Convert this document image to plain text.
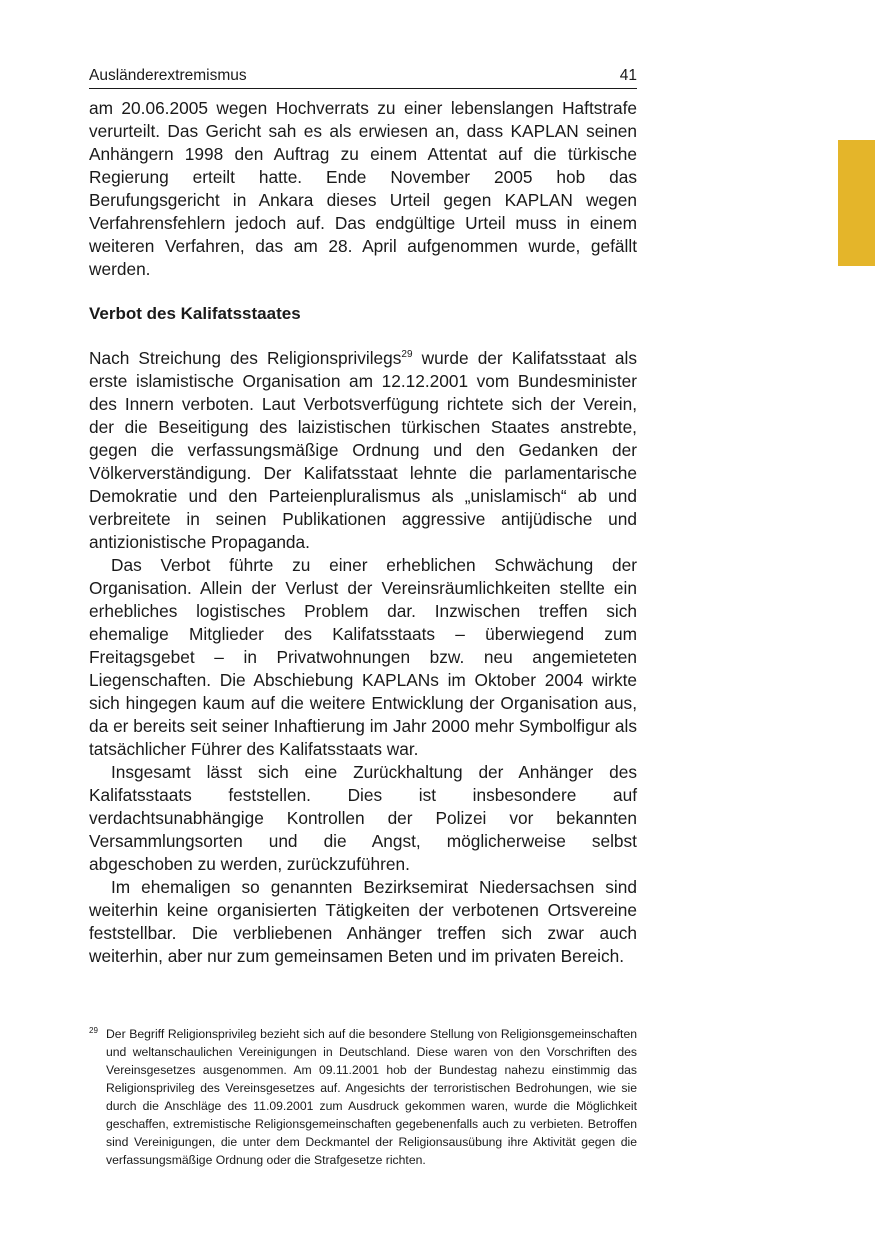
Ausländerextremismus	41

am 20.06.2005 wegen Hochverrats zu einer lebenslangen Haftstrafe verurteilt. Das Gericht sah es als erwiesen an, dass KAPLAN seinen Anhängern 1998 den Auftrag zu einem Attentat auf die türkische Regierung erteilt hatte. Ende November 2005 hob das Berufungsgericht in Ankara dieses Urteil gegen KAPLAN wegen Verfahrensfehlern jedoch auf. Das endgültige Urteil muss in einem weiteren Verfahren, das am 28. April aufgenommen wurde, gefällt werden.

Verbot des Kalifatsstaates

Nach Streichung des Religionsprivilegs$^{29}$ wurde der Kalifatsstaat als erste islamistische Organisation am 12.12.2001 vom Bundesminister des Innern verboten. Laut Verbotsverfügung richtete sich der Verein, der die Beseitigung des laizistischen türkischen Staates anstrebte, gegen die verfassungsmäßige Ordnung und den Gedanken der Völkerverständigung. Der Kalifatsstaat lehnte die parlamentarische Demokratie und den Parteienpluralismus als „unislamisch“ ab und verbreitete in seinen Publikationen aggressive antijüdische und antizionistische Propaganda.

Das Verbot führte zu einer erheblichen Schwächung der Organisation. Allein der Verlust der Vereinsräumlichkeiten stellte ein erhebliches logistisches Problem dar. Inzwischen treffen sich ehemalige Mitglieder des Kalifatsstaats – überwiegend zum Freitagsgebet – in Privatwohnungen bzw. neu angemieteten Liegenschaften. Die Abschiebung KAPLANs im Oktober 2004 wirkte sich hingegen kaum auf die weitere Entwicklung der Organisation aus, da er bereits seit seiner Inhaftierung im Jahr 2000 mehr Symbolfigur als tatsächlicher Führer des Kalifatsstaats war.

Insgesamt lässt sich eine Zurückhaltung der Anhänger des Kalifatsstaats feststellen. Dies ist insbesondere auf verdachtsunabhängige Kontrollen der Polizei vor bekannten Versammlungsorten und die Angst, möglicherweise selbst abgeschoben zu werden, zurückzuführen.

Im ehemaligen so genannten Bezirksemirat Niedersachsen sind weiterhin keine organisierten Tätigkeiten der verbotenen Ortsvereine feststellbar. Die verbliebenen Anhänger treffen sich zwar auch weiterhin, aber nur zum gemeinsamen Beten und im privaten Bereich.

29 Der Begriff Religionsprivileg bezieht sich auf die besondere Stellung von Religionsgemeinschaften und weltanschaulichen Vereinigungen in Deutschland. Diese waren von den Vorschriften des Vereinsgesetzes ausgenommen. Am 09.11.2001 hob der Bundestag nahezu einstimmig das Religionsprivileg des Vereinsgesetzes auf. Angesichts der terroristischen Bedrohungen, wie sie durch die Anschläge des 11.09.2001 zum Ausdruck gekommen waren, wurde die Möglichkeit geschaffen, extremistische Religionsgemeinschaften gegebenenfalls auch zu verbieten. Betroffen sind Vereinigungen, die unter dem Deckmantel der Religionsausübung ihre Aktivität gegen die verfassungsmäßige Ordnung oder die Strafgesetze richten.
